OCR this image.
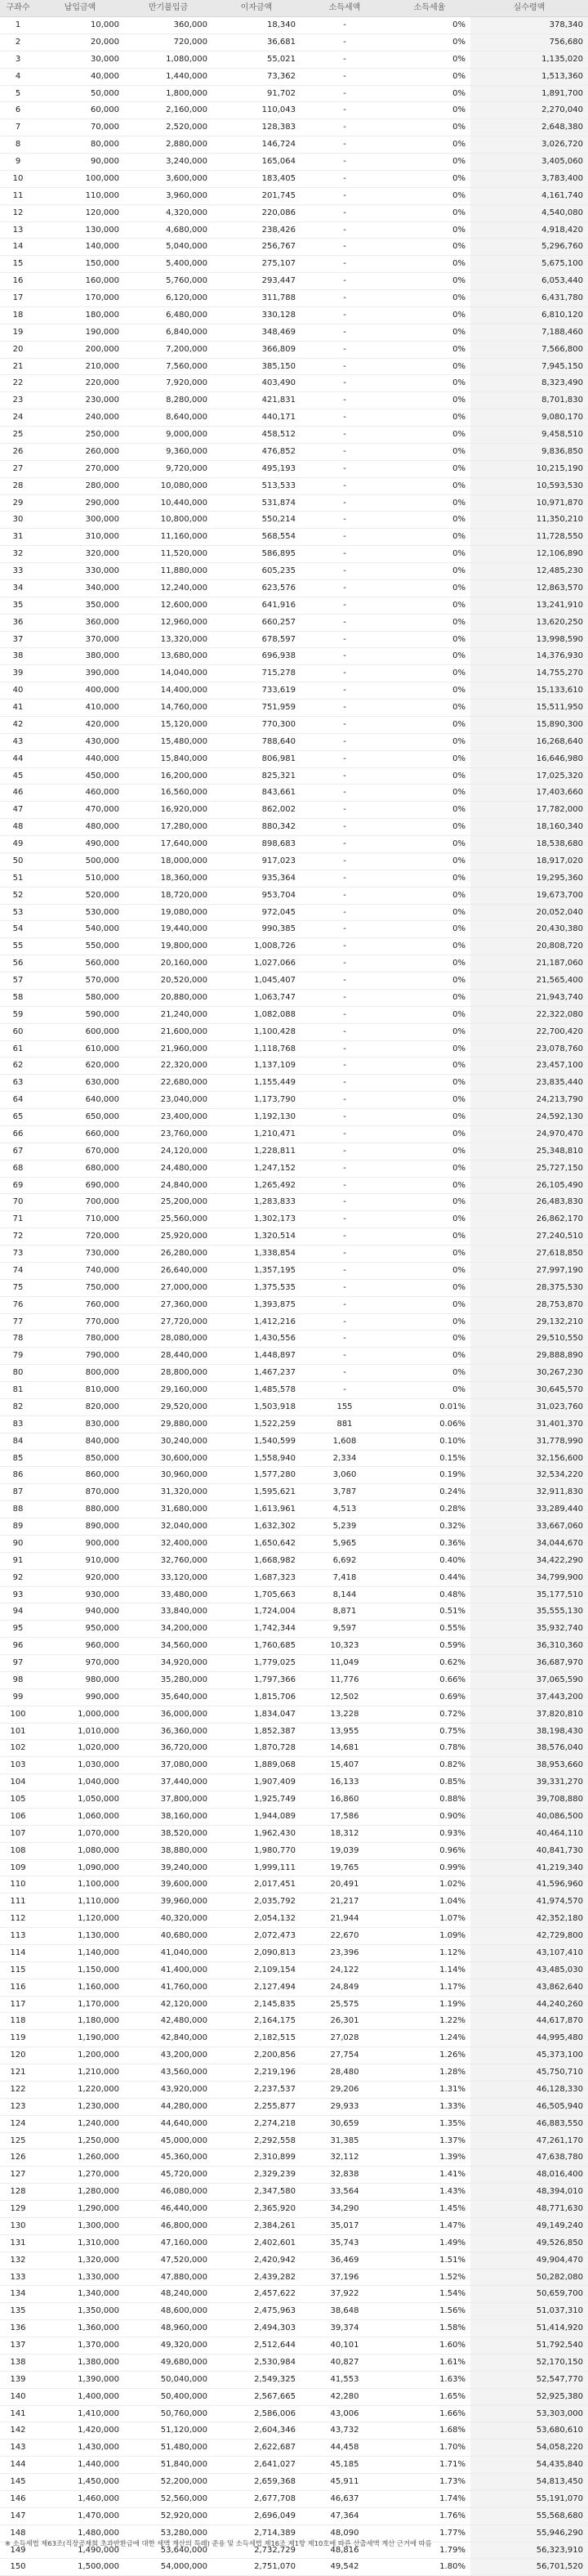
구좌수	납입금액	만기불입금	이자금액	소득세액	소득세율	실수령액
1	10,000	360,000	18,340	-	0%	378,340
2	20,000	720,000	36,681	-	0%	756,680
3	30,000	1,080,000	55,021	-	0%	1,135,020
4	40,000	1,440,000	73,362	-	0%	1,513,360
5	50,000	1,800,000	91,702	-	0%	1,891,700
6	60,000	2,160,000	110,043	-	0%	2,270,040
7	70,000	2,520,000	128,383	-	0%	2,648,380
8	80,000	2,880,000	146,724	-	0%	3,026,720
9	90,000	3,240,000	165,064	-	0%	3,405,060
10	100,000	3,600,000	183,405	-	0%	3,783,400
11	110,000	3,960,000	201,745	-	0%	4,161,740
12	120,000	4,320,000	220,086	-	0%	4,540,080
13	130,000	4,680,000	238,426	-	0%	4,918,420
14	140,000	5,040,000	256,767	-	0%	5,296,760
15	150,000	5,400,000	275,107	-	0%	5,675,100
16	160,000	5,760,000	293,447	-	0%	6,053,440
17	170,000	6,120,000	311,788	-	0%	6,431,780
18	180,000	6,480,000	330,128	-	0%	6,810,120
19	190,000	6,840,000	348,469	-	0%	7,188,460
20	200,000	7,200,000	366,809	-	0%	7,566,800
21	210,000	7,560,000	385,150	-	0%	7,945,150
22	220,000	7,920,000	403,490	-	0%	8,323,490
23	230,000	8,280,000	421,831	-	0%	8,701,830
24	240,000	8,640,000	440,171	-	0%	9,080,170
25	250,000	9,000,000	458,512	-	0%	9,458,510
26	260,000	9,360,000	476,852	-	0%	9,836,850
27	270,000	9,720,000	495,193	-	0%	10,215,190
28	280,000	10,080,000	513,533	-	0%	10,593,530
29	290,000	10,440,000	531,874	-	0%	10,971,870
30	300,000	10,800,000	550,214	-	0%	11,350,210
31	310,000	11,160,000	568,554	-	0%	11,728,550
32	320,000	11,520,000	586,895	-	0%	12,106,890
33	330,000	11,880,000	605,235	-	0%	12,485,230
34	340,000	12,240,000	623,576	-	0%	12,863,570
35	350,000	12,600,000	641,916	-	0%	13,241,910
36	360,000	12,960,000	660,257	-	0%	13,620,250
37	370,000	13,320,000	678,597	-	0%	13,998,590
38	380,000	13,680,000	696,938	-	0%	14,376,930
39	390,000	14,040,000	715,278	-	0%	14,755,270
40	400,000	14,400,000	733,619	-	0%	15,133,610
41	410,000	14,760,000	751,959	-	0%	15,511,950
42	420,000	15,120,000	770,300	-	0%	15,890,300
43	430,000	15,480,000	788,640	-	0%	16,268,640
44	440,000	15,840,000	806,981	-	0%	16,646,980
45	450,000	16,200,000	825,321	-	0%	17,025,320
46	460,000	16,560,000	843,661	-	0%	17,403,660
47	470,000	16,920,000	862,002	-	0%	17,782,000
48	480,000	17,280,000	880,342	-	0%	18,160,340
49	490,000	17,640,000	898,683	-	0%	18,538,680
50	500,000	18,000,000	917,023	-	0%	18,917,020
51	510,000	18,360,000	935,364	-	0%	19,295,360
52	520,000	18,720,000	953,704	-	0%	19,673,700
53	530,000	19,080,000	972,045	-	0%	20,052,040
54	540,000	19,440,000	990,385	-	0%	20,430,380
55	550,000	19,800,000	1,008,726	-	0%	20,808,720
56	560,000	20,160,000	1,027,066	-	0%	21,187,060
57	570,000	20,520,000	1,045,407	-	0%	21,565,400
58	580,000	20,880,000	1,063,747	-	0%	21,943,740
59	590,000	21,240,000	1,082,088	-	0%	22,322,080
60	600,000	21,600,000	1,100,428	-	0%	22,700,420
61	610,000	21,960,000	1,118,768	-	0%	23,078,760
62	620,000	22,320,000	1,137,109	-	0%	23,457,100
63	630,000	22,680,000	1,155,449	-	0%	23,835,440
64	640,000	23,040,000	1,173,790	-	0%	24,213,790
65	650,000	23,400,000	1,192,130	-	0%	24,592,130
66	660,000	23,760,000	1,210,471	-	0%	24,970,470
67	670,000	24,120,000	1,228,811	-	0%	25,348,810
68	680,000	24,480,000	1,247,152	-	0%	25,727,150
69	690,000	24,840,000	1,265,492	-	0%	26,105,490
70	700,000	25,200,000	1,283,833	-	0%	26,483,830
71	710,000	25,560,000	1,302,173	-	0%	26,862,170
72	720,000	25,920,000	1,320,514	-	0%	27,240,510
73	730,000	26,280,000	1,338,854	-	0%	27,618,850
74	740,000	26,640,000	1,357,195	-	0%	27,997,190
75	750,000	27,000,000	1,375,535	-	0%	28,375,530
76	760,000	27,360,000	1,393,875	-	0%	28,753,870
77	770,000	27,720,000	1,412,216	-	0%	29,132,210
78	780,000	28,080,000	1,430,556	-	0%	29,510,550
79	790,000	28,440,000	1,448,897	-	0%	29,888,890
80	800,000	28,800,000	1,467,237	-	0%	30,267,230
81	810,000	29,160,000	1,485,578	-	0%	30,645,570
82	820,000	29,520,000	1,503,918	155	0.01%	31,023,760
83	830,000	29,880,000	1,522,259	881	0.06%	31,401,370
84	840,000	30,240,000	1,540,599	1,608	0.10%	31,778,990
85	850,000	30,600,000	1,558,940	2,334	0.15%	32,156,600
86	860,000	30,960,000	1,577,280	3,060	0.19%	32,534,220
87	870,000	31,320,000	1,595,621	3,787	0.24%	32,911,830
88	880,000	31,680,000	1,613,961	4,513	0.28%	33,289,440
89	890,000	32,040,000	1,632,302	5,239	0.32%	33,667,060
90	900,000	32,400,000	1,650,642	5,965	0.36%	34,044,670
91	910,000	32,760,000	1,668,982	6,692	0.40%	34,422,290
92	920,000	33,120,000	1,687,323	7,418	0.44%	34,799,900
93	930,000	33,480,000	1,705,663	8,144	0.48%	35,177,510
94	940,000	33,840,000	1,724,004	8,871	0.51%	35,555,130
95	950,000	34,200,000	1,742,344	9,597	0.55%	35,932,740
96	960,000	34,560,000	1,760,685	10,323	0.59%	36,310,360
97	970,000	34,920,000	1,779,025	11,049	0.62%	36,687,970
98	980,000	35,280,000	1,797,366	11,776	0.66%	37,065,590
99	990,000	35,640,000	1,815,706	12,502	0.69%	37,443,200
100	1,000,000	36,000,000	1,834,047	13,228	0.72%	37,820,810
101	1,010,000	36,360,000	1,852,387	13,955	0.75%	38,198,430
102	1,020,000	36,720,000	1,870,728	14,681	0.78%	38,576,040
103	1,030,000	37,080,000	1,889,068	15,407	0.82%	38,953,660
104	1,040,000	37,440,000	1,907,409	16,133	0.85%	39,331,270
105	1,050,000	37,800,000	1,925,749	16,860	0.88%	39,708,880
106	1,060,000	38,160,000	1,944,089	17,586	0.90%	40,086,500
107	1,070,000	38,520,000	1,962,430	18,312	0.93%	40,464,110
108	1,080,000	38,880,000	1,980,770	19,039	0.96%	40,841,730
109	1,090,000	39,240,000	1,999,111	19,765	0.99%	41,219,340
110	1,100,000	39,600,000	2,017,451	20,491	1.02%	41,596,960
111	1,110,000	39,960,000	2,035,792	21,217	1.04%	41,974,570
112	1,120,000	40,320,000	2,054,132	21,944	1.07%	42,352,180
113	1,130,000	40,680,000	2,072,473	22,670	1.09%	42,729,800
114	1,140,000	41,040,000	2,090,813	23,396	1.12%	43,107,410
115	1,150,000	41,400,000	2,109,154	24,122	1.14%	43,485,030
116	1,160,000	41,760,000	2,127,494	24,849	1.17%	43,862,640
117	1,170,000	42,120,000	2,145,835	25,575	1.19%	44,240,260
118	1,180,000	42,480,000	2,164,175	26,301	1.22%	44,617,870
119	1,190,000	42,840,000	2,182,515	27,028	1.24%	44,995,480
120	1,200,000	43,200,000	2,200,856	27,754	1.26%	45,373,100
121	1,210,000	43,560,000	2,219,196	28,480	1.28%	45,750,710
122	1,220,000	43,920,000	2,237,537	29,206	1.31%	46,128,330
123	1,230,000	44,280,000	2,255,877	29,933	1.33%	46,505,940
124	1,240,000	44,640,000	2,274,218	30,659	1.35%	46,883,550
125	1,250,000	45,000,000	2,292,558	31,385	1.37%	47,261,170
126	1,260,000	45,360,000	2,310,899	32,112	1.39%	47,638,780
127	1,270,000	45,720,000	2,329,239	32,838	1.41%	48,016,400
128	1,280,000	46,080,000	2,347,580	33,564	1.43%	48,394,010
129	1,290,000	46,440,000	2,365,920	34,290	1.45%	48,771,630
130	1,300,000	46,800,000	2,384,261	35,017	1.47%	49,149,240
131	1,310,000	47,160,000	2,402,601	35,743	1.49%	49,526,850
132	1,320,000	47,520,000	2,420,942	36,469	1.51%	49,904,470
133	1,330,000	47,880,000	2,439,282	37,196	1.52%	50,282,080
134	1,340,000	48,240,000	2,457,622	37,922	1.54%	50,659,700
135	1,350,000	48,600,000	2,475,963	38,648	1.56%	51,037,310
136	1,360,000	48,960,000	2,494,303	39,374	1.58%	51,414,920
137	1,370,000	49,320,000	2,512,644	40,101	1.60%	51,792,540
138	1,380,000	49,680,000	2,530,984	40,827	1.61%	52,170,150
139	1,390,000	50,040,000	2,549,325	41,553	1.63%	52,547,770
140	1,400,000	50,400,000	2,567,665	42,280	1.65%	52,925,380
141	1,410,000	50,760,000	2,586,006	43,006	1.66%	53,303,000
142	1,420,000	51,120,000	2,604,346	43,732	1.68%	53,680,610
143	1,430,000	51,480,000	2,622,687	44,458	1.70%	54,058,220
144	1,440,000	51,840,000	2,641,027	45,185	1.71%	54,435,840
145	1,450,000	52,200,000	2,659,368	45,911	1.73%	54,813,450
146	1,460,000	52,560,000	2,677,708	46,637	1.74%	55,191,070
147	1,470,000	52,920,000	2,696,049	47,364	1.76%	55,568,680
148	1,480,000	53,280,000	2,714,389	48,090	1.77%	55,946,290
149	1,490,000	53,640,000	2,732,729	48,816	1.79%	56,323,910
150	1,500,000	54,000,000	2,751,070	49,542	1.80%	56,701,520
※ 소득세법 제63조(직장공제회 초과반환금에 대한 세액 계산의 특례) 준용 및 소득세법 제16조 제1항 제10호에 따른 산출세액 계산 근거에 따름
